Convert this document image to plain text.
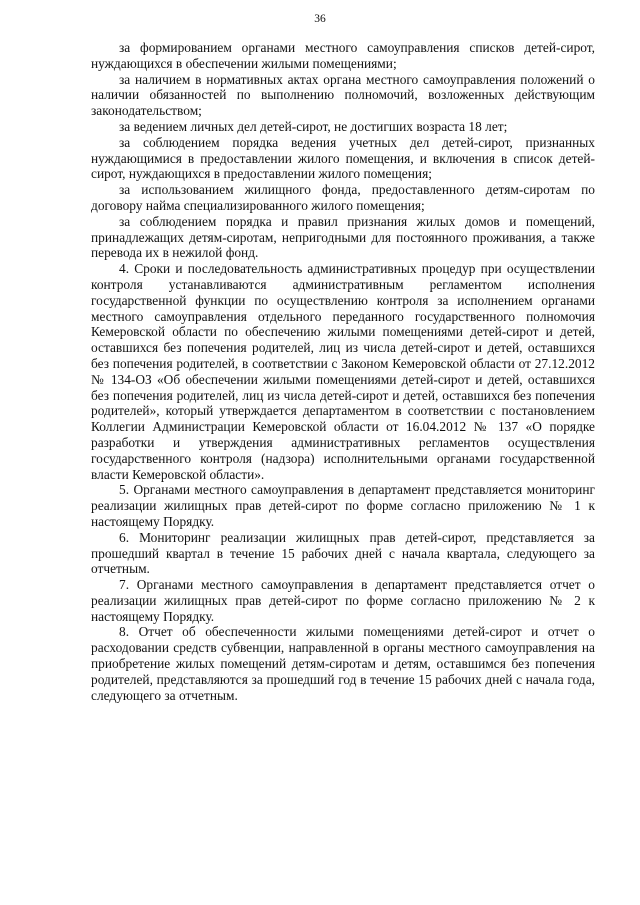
36

за формированием органами местного самоуправления списков детей-сирот, нуждающихся в обеспечении жилыми помещениями;

за наличием в нормативных актах органа местного самоуправления положений о наличии обязанностей по выполнению полномочий, возложенных действующим законодательством;

за ведением личных дел детей-сирот, не достигших возраста 18 лет;

за соблюдением порядка ведения учетных дел детей-сирот, признанных нуждающимися в предоставлении жилого помещения, и включения в список детей-сирот, нуждающихся в предоставлении жилого помещения;

за использованием жилищного фонда, предоставленного детям-сиротам по договору найма специализированного жилого помещения;

за соблюдением порядка и правил признания жилых домов и помещений, принадлежащих детям-сиротам, непригодными для постоянного проживания, а также перевода их в нежилой фонд.

4. Сроки и последовательность административных процедур при осуществлении контроля устанавливаются административным регламентом исполнения государственной функции по осуществлению контроля за исполнением органами местного самоуправления отдельного переданного государственного полномочия Кемеровской области по обеспечению жилыми помещениями детей-сирот и детей, оставшихся без попечения родителей, лиц из числа детей-сирот и детей, оставшихся без попечения родителей, в соответствии с Законом Кемеровской области от 27.12.2012 № 134-ОЗ «Об обеспечении жилыми помещениями детей-сирот и детей, оставшихся без попечения родителей, лиц из числа детей-сирот и детей, оставшихся без попечения родителей», который утверждается департаментом в соответствии с постановлением Коллегии Администрации Кемеровской области от 16.04.2012 № 137 «О порядке разработки и утверждения административных регламентов осуществления государственного контроля (надзора) исполнительными органами государственной власти Кемеровской области».

5. Органами местного самоуправления в департамент представляется мониторинг реализации жилищных прав детей-сирот по форме согласно приложению № 1 к настоящему Порядку.

6. Мониторинг реализации жилищных прав детей-сирот, представляется за прошедший квартал в течение 15 рабочих дней с начала квартала, следующего за отчетным.

7. Органами местного самоуправления в департамент представляется отчет о реализации жилищных прав детей-сирот по форме согласно приложению № 2 к настоящему Порядку.

8. Отчет об обеспеченности жилыми помещениями детей-сирот и отчет о расходовании средств субвенции, направленной в органы местного самоуправления на приобретение жилых помещений детям-сиротам и детям, оставшимся без попечения родителей, представляются за прошедший год в течение 15 рабочих дней с начала года, следующего за отчетным.
